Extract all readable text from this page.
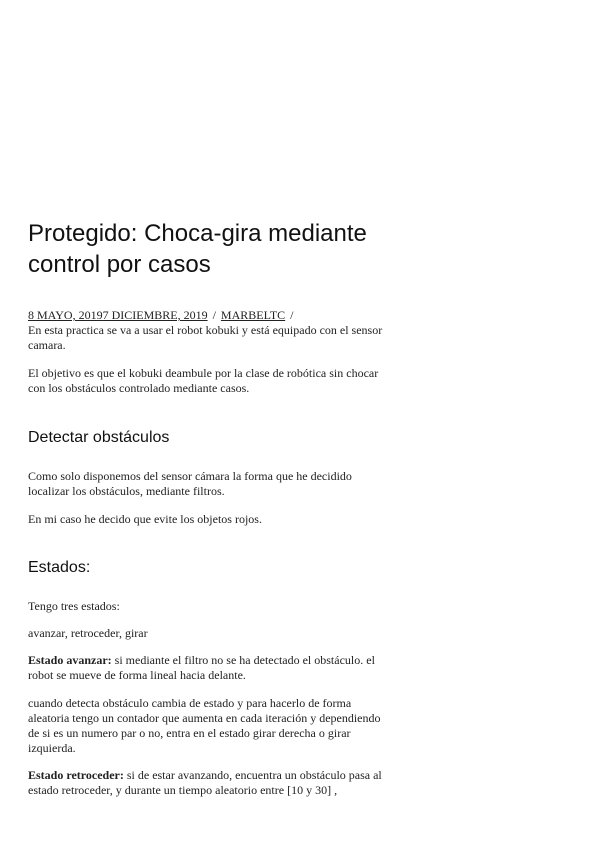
Protegido: Choca-gira mediante control por casos
8 MAYO, 20197 DICIEMBRE, 2019 / MARBELTC /

En esta practica se va a usar el robot kobuki y está equipado con el sensor camara.

El objetivo es que el kobuki deambule por la clase de robótica sin chocar con los obstáculos controlado mediante casos.

Detectar obstáculos

Como solo disponemos del sensor cámara la forma que he decidido localizar los obstáculos, mediante filtros.

En mi caso he decido que evite los objetos rojos.

Estados:

Tengo tres estados:

avanzar, retroceder, girar

Estado avanzar: si mediante el filtro no se ha detectado el obstáculo. el robot se mueve de forma lineal hacia delante.

cuando detecta obstáculo cambia de estado y para hacerlo de forma aleatoria tengo un contador que aumenta en cada iteración y dependiendo de si es un numero par o no, entra en el estado girar derecha o girar izquierda.

Estado retroceder: si de estar avanzando, encuentra un obstáculo pasa al estado retroceder, y durante un tiempo aleatorio entre [10 y 30] ,
